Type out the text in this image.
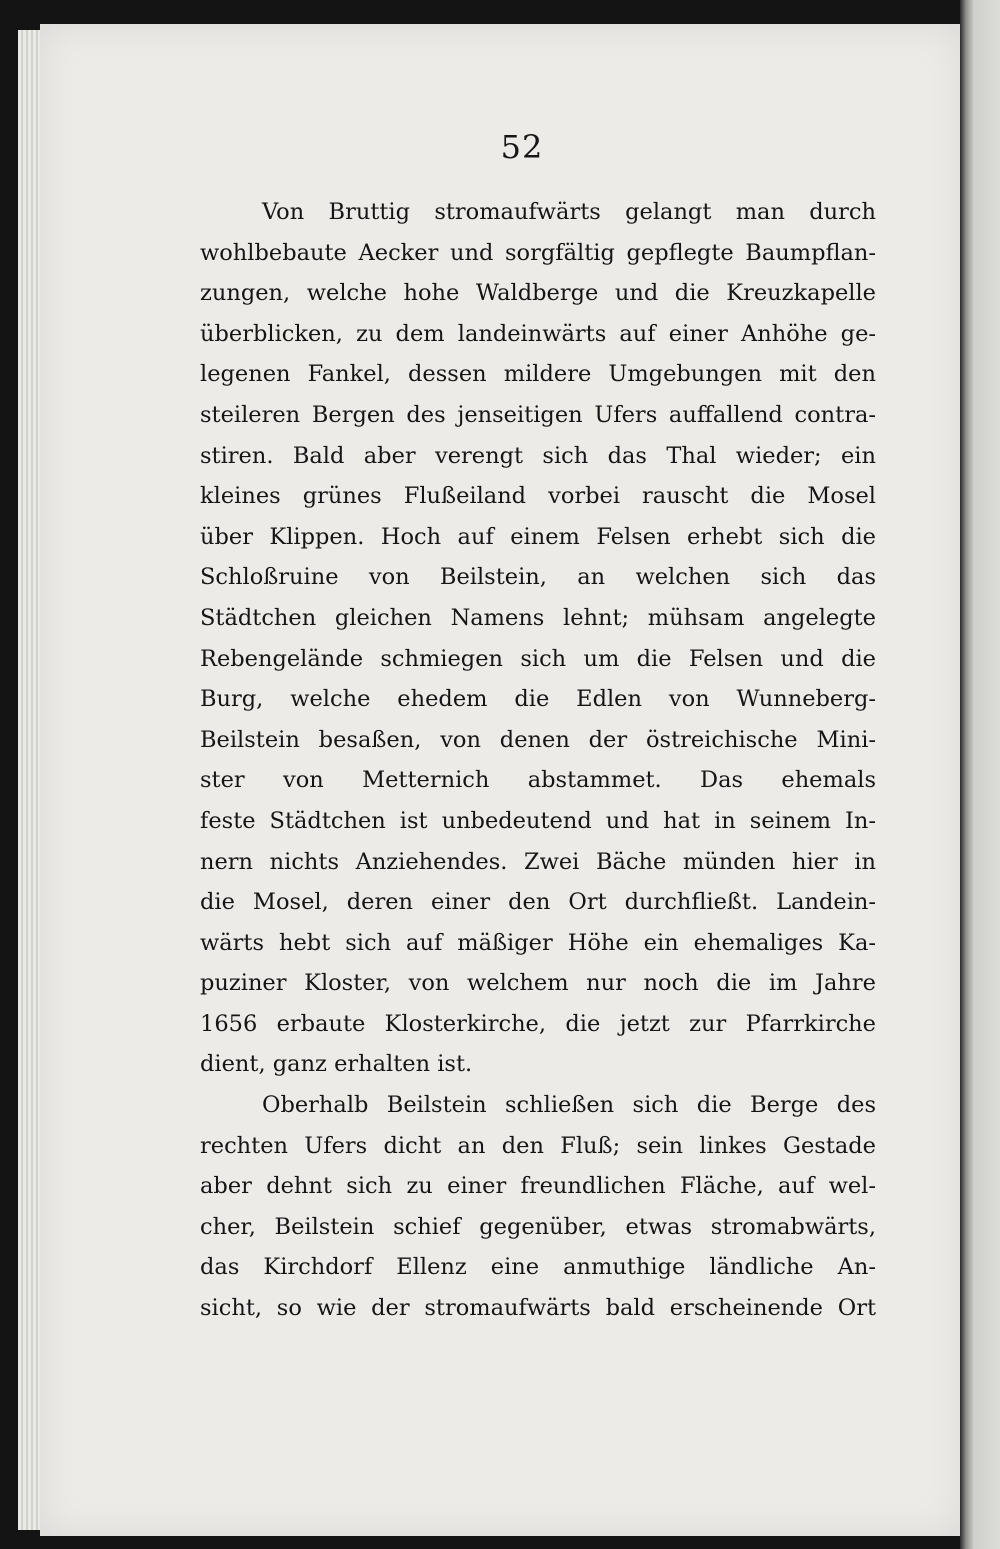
52
Von Bruttig stromaufwärts gelangt man durch
wohlbebaute Aecker und sorgfältig gepflegte Baumpflan-
zungen, welche hohe Waldberge und die Kreuzkapelle
überblicken, zu dem landeinwärts auf einer Anhöhe ge-
legenen Fankel, dessen mildere Umgebungen mit den
steileren Bergen des jenseitigen Ufers auffallend contra-
stiren. Bald aber verengt sich das Thal wieder; ein
kleines grünes Flußeiland vorbei rauscht die Mosel
über Klippen. Hoch auf einem Felsen erhebt sich die
Schloßruine von Beilstein, an welchen sich das
Städtchen gleichen Namens lehnt; mühsam angelegte
Rebengelände schmiegen sich um die Felsen und die
Burg, welche ehedem die Edlen von Wunneberg-
Beilstein besaßen, von denen der östreichische Mini-
ster von Metternich abstammet. Das ehemals
feste Städtchen ist unbedeutend und hat in seinem In-
nern nichts Anziehendes. Zwei Bäche münden hier in
die Mosel, deren einer den Ort durchfließt. Landein-
wärts hebt sich auf mäßiger Höhe ein ehemaliges Ka-
puziner Kloster, von welchem nur noch die im Jahre
1656 erbaute Klosterkirche, die jetzt zur Pfarrkirche
dient, ganz erhalten ist.
Oberhalb Beilstein schließen sich die Berge des
rechten Ufers dicht an den Fluß; sein linkes Gestade
aber dehnt sich zu einer freundlichen Fläche, auf wel-
cher, Beilstein schief gegenüber, etwas stromabwärts,
das Kirchdorf Ellenz eine anmuthige ländliche An-
sicht, so wie der stromaufwärts bald erscheinende Ort
